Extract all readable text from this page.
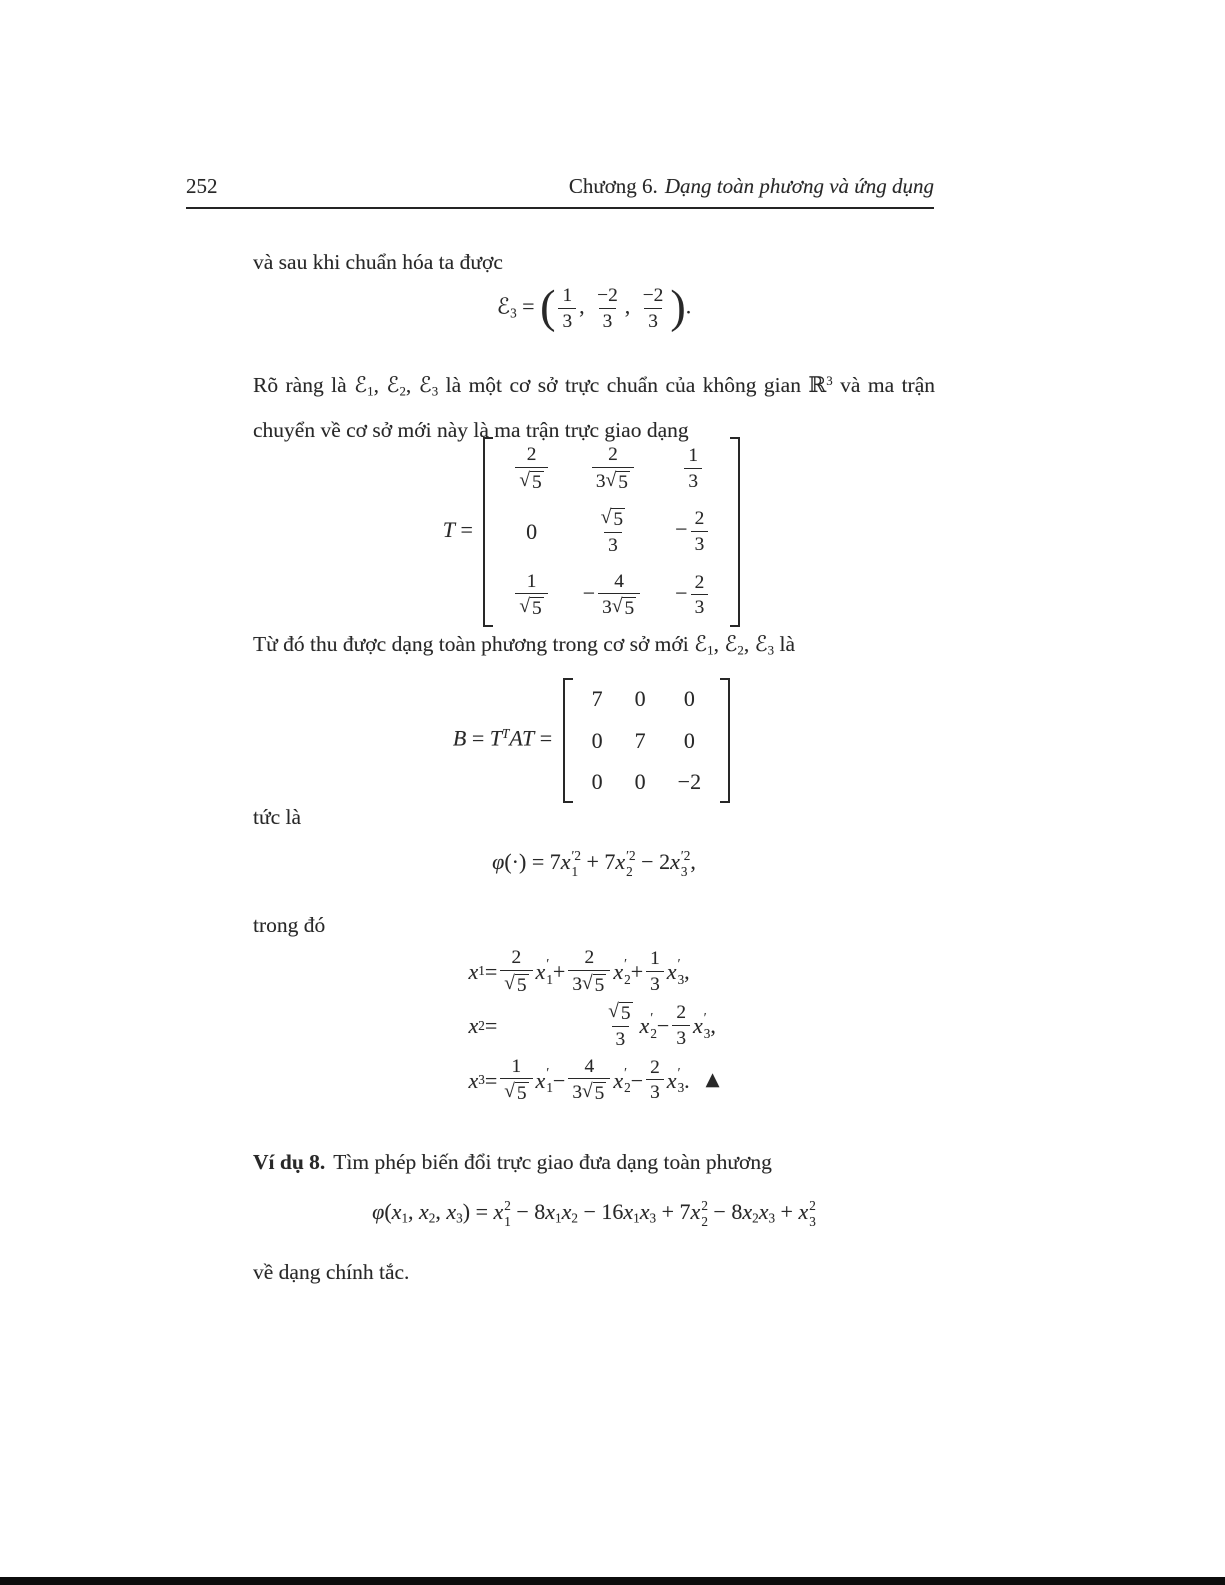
252	Chương 6. Dạng toàn phương và ứng dụng

và sau khi chuẩn hóa ta được

ℰ3 = ( $\frac{1}{3}$ , $\frac{-2}{3}$ , $\frac{-2}{3}$ ).

Rõ ràng là ℰ1, ℰ2, ℰ3 là một cơ sở trực chuẩn của không gian ℝ$^3$ và ma trận chuyển về cơ sở mới này là ma trận trực giao dạng

T =
$\frac{2}{√ 5}$	$\frac{2}{3 √ 5}$	$\frac{1}{3}$

0	$\frac{√ 5}{3}$	− $\frac{2}{3}$

$\frac{1}{√ 5}$	− $\frac{4}{3 √ 5}$	− $\frac{2}{3}$

Từ đó thu được dạng toàn phương trong cơ sở mới ℰ1, ℰ2, ℰ3 là

$B = T^TAT$ =
7	0	0
0	7	0
0	0	−2

tức là

φ(·) = 7x ′2
1 + 7x ′2
2 − 2x ′2
3 ,

trong đó

x $1 = \frac{2}{√ 5}$ x ′
$1 + \frac{2}{3 √ 5}$ x ′
$2 + \frac{1}{3}$ x ′
3 ,
x 2 =	$\frac{√ 5}{3}$ x ′
$2 - \frac{2}{3}$ x ′
3 ,
x $3 = \frac{1}{√ 5}$ x ′
$1 - \frac{4}{3 √ 5}$ x ′
$2 - \frac{2}{3}$ x ′
3 . ▲

Ví dụ 8. Tìm phép biến đổi trực giao đưa dạng toàn phương

φ(x1, x2, x3) = x 2
1 − 8x1x2 − 16x1x3 + 7x 2
2 − 8x2x3 + x 2
3

về dạng chính tắc.
